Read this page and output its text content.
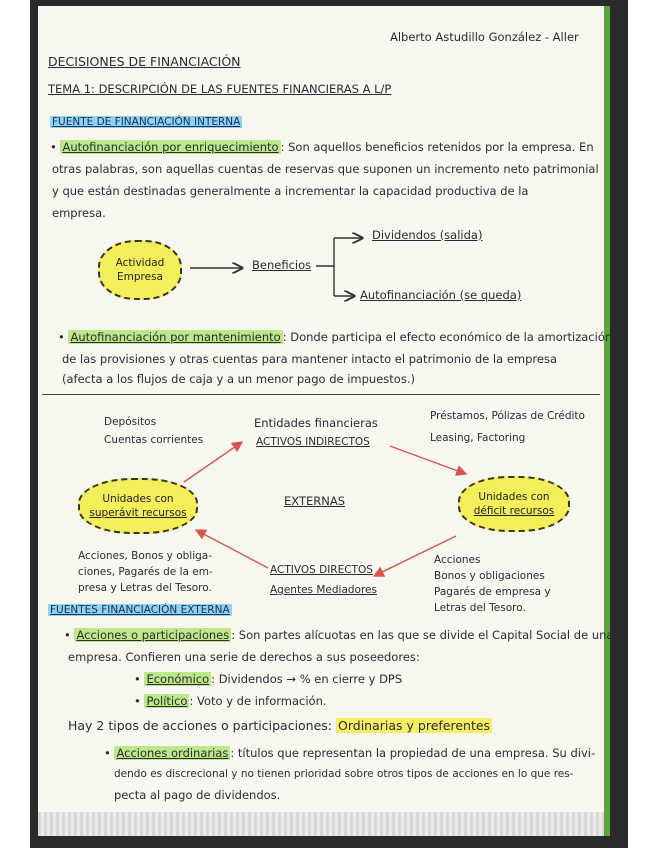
Alberto Astudillo González - Aller
DECISIONES DE FINANCIACIÓN
TEMA 1: DESCRIPCIÓN DE LAS FUENTES FINANCIERAS A L/P
FUENTE DE FINANCIACIÓN INTERNA
• Autofinanciación por enriquecimiento : Son aquellos beneficios retenidos por la empresa. En
otras palabras, son aquellas cuentas de reservas que suponen un incremento neto patrimonial
y que están destinadas generalmente a incrementar la capacidad productiva de la
empresa.
Actividad
Empresa
Beneficios
Dividendos (salida)
Autofinanciación (se queda)
• Autofinanciación por mantenimiento : Donde participa el efecto económico de la amortización,
de las provisiones y otras cuentas para mantener intacto el patrimonio de la empresa
(afecta a los flujos de caja y a un menor pago de impuestos.)
Depósitos
Cuentas corrientes
Entidades financieras
ACTIVOS INDIRECTOS
Préstamos, Pólizas de Crédito
Leasing, Factoring
Unidades con
superávit recursos
EXTERNAS	Unidades con
déficit recursos
Acciones, Bonos y obliga-
ciones, Pagarés de la em-
presa y Letras del Tesoro.
ACTIVOS DIRECTOS
Agentes Mediadores
Acciones
Bonos y obligaciones
Pagarés de empresa y
Letras del Tesoro.
FUENTES FINANCIACIÓN EXTERNA
• Acciones o participaciones : Son partes alícuotas en las que se divide el Capital Social de una
empresa. Confieren una serie de derechos a sus poseedores:
• Económico : Dividendos → % en cierre y DPS
• Político : Voto y de información.
Hay 2 tipos de acciones o participaciones: Ordinarias y preferentes
• Acciones ordinarias : títulos que representan la propiedad de una empresa. Su divi-
dendo es discrecional y no tienen prioridad sobre otros tipos de acciones en lo que res-
pecta al pago de dividendos.
